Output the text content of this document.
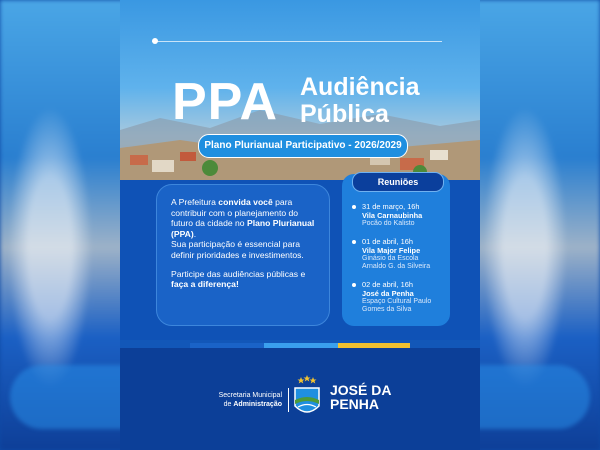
PPA Audiência
Pública
Plano Plurianual Participativo - 2026/2029

A Prefeitura convida você para contribuir com o planejamento do futuro da cidade no Plano Plurianual (PPA).
Sua participação é essencial para definir prioridades e investimentos.

Participe das audiências públicas e faça a diferença!

Reuniões
31 de março, 16h
Vila Carnaubinha
Pocão do Kalisto
01 de abril, 16h
Vila Major Felipe
Ginásio da Escola Arnaldo G. da Silveira
02 de abril, 16h
José da Penha
Espaço Cultural Paulo Gomes da Silva
Secretaria Municipal
de Administração
JOSÉ DA
PENHA
